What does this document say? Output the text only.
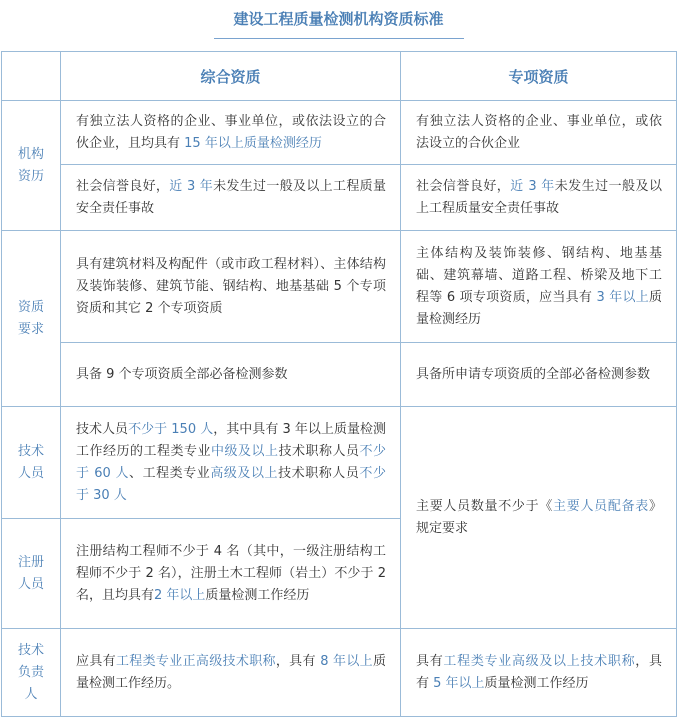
建设工程质量检测机构资质标准
	综合资质	专项资质

机构
资历	有独立法人资格的企业、事业单位，或依法设立的合伙企业，且均具有 15 年以上质量检测经历	有独立法人资格的企业、事业单位，或依法设立的合伙企业
	社会信誉良好，近 3 年未发生过一般及以上工程质量安全责任事故	社会信誉良好，近 3 年未发生过一般及以上工程质量安全责任事故

资质
要求	具有建筑材料及构配件（或市政工程材料）、主体结构及装饰装修、建筑节能、钢结构、地基基础 5 个专项资质和其它 2 个专项资质	主体结构及装饰装修、钢结构、地基基础、建筑幕墙、道路工程、桥梁及地下工程等 6 项专项资质，应当具有 3 年以上质量检测经历
	具备 9 个专项资质全部必备检测参数	具备所申请专项资质的全部必备检测参数

技术
人员	技术人员不少于 150 人，其中具有 3 年以上质量检测工作经历的工程类专业中级及以上技术职称人员不少于 60 人、工程类专业高级及以上技术职称人员不少于 30 人	主要人员数量不少于《主要人员配备表》规定要求

注册
人员	注册结构工程师不少于 4 名（其中，一级注册结构工程师不少于 2 名），注册土木工程师（岩土）不少于 2 名，且均具有2 年以上质量检测工作经历	

技术
负责
人	应具有工程类专业正高级技术职称，具有 8 年以上质量检测工作经历。	具有工程类专业高级及以上技术职称，具有 5 年以上质量检测工作经历
